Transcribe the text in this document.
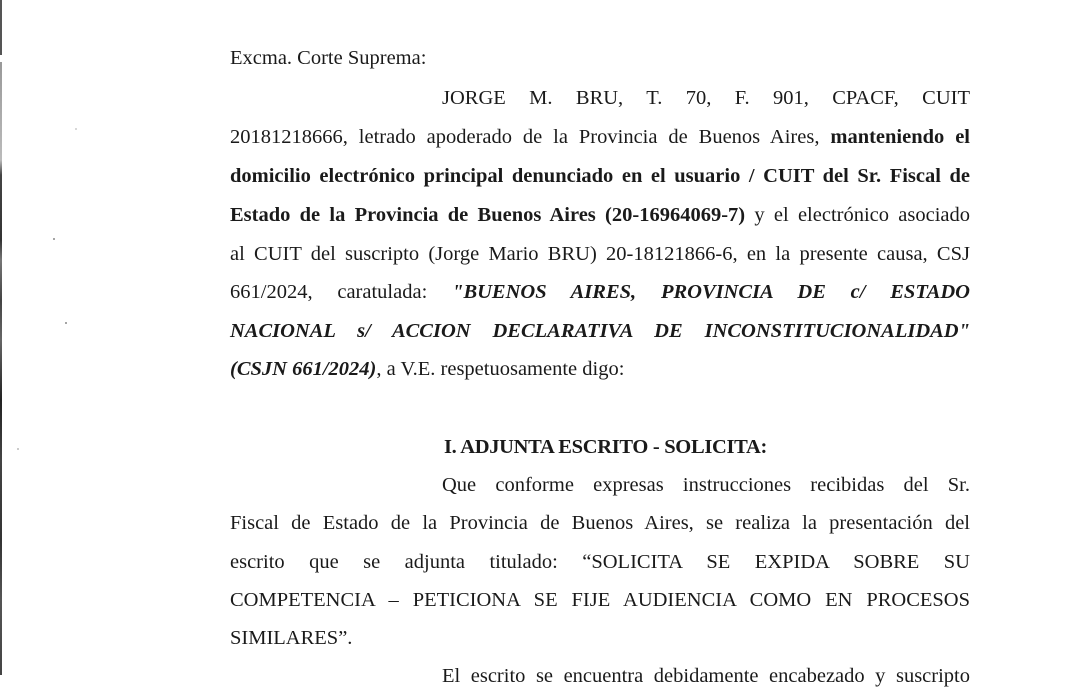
Excma. Corte Suprema:
JORGE M. BRU, T. 70, F. 901, CPACF, CUIT
20181218666, letrado apoderado de la Provincia de Buenos Aires, manteniendo el
domicilio electrónico principal denunciado en el usuario / CUIT del Sr. Fiscal de
Estado de la Provincia de Buenos Aires (20-16964069-7) y el electrónico asociado
al CUIT del suscripto (Jorge Mario BRU) 20-18121866-6, en la presente causa, CSJ
661/2024, caratulada: "BUENOS AIRES, PROVINCIA DE c/ ESTADO
NACIONAL s/ ACCION DECLARATIVA DE INCONSTITUCIONALIDAD"
(CSJN 661/2024), a V.E. respetuosamente digo:
I. ADJUNTA ESCRITO - SOLICITA:
Que conforme expresas instrucciones recibidas del Sr.
Fiscal de Estado de la Provincia de Buenos Aires, se realiza la presentación del
escrito que se adjunta titulado: “SOLICITA SE EXPIDA SOBRE SU
COMPETENCIA – PETICIONA SE FIJE AUDIENCIA COMO EN PROCESOS
SIMILARES”.
El escrito se encuentra debidamente encabezado y suscripto
